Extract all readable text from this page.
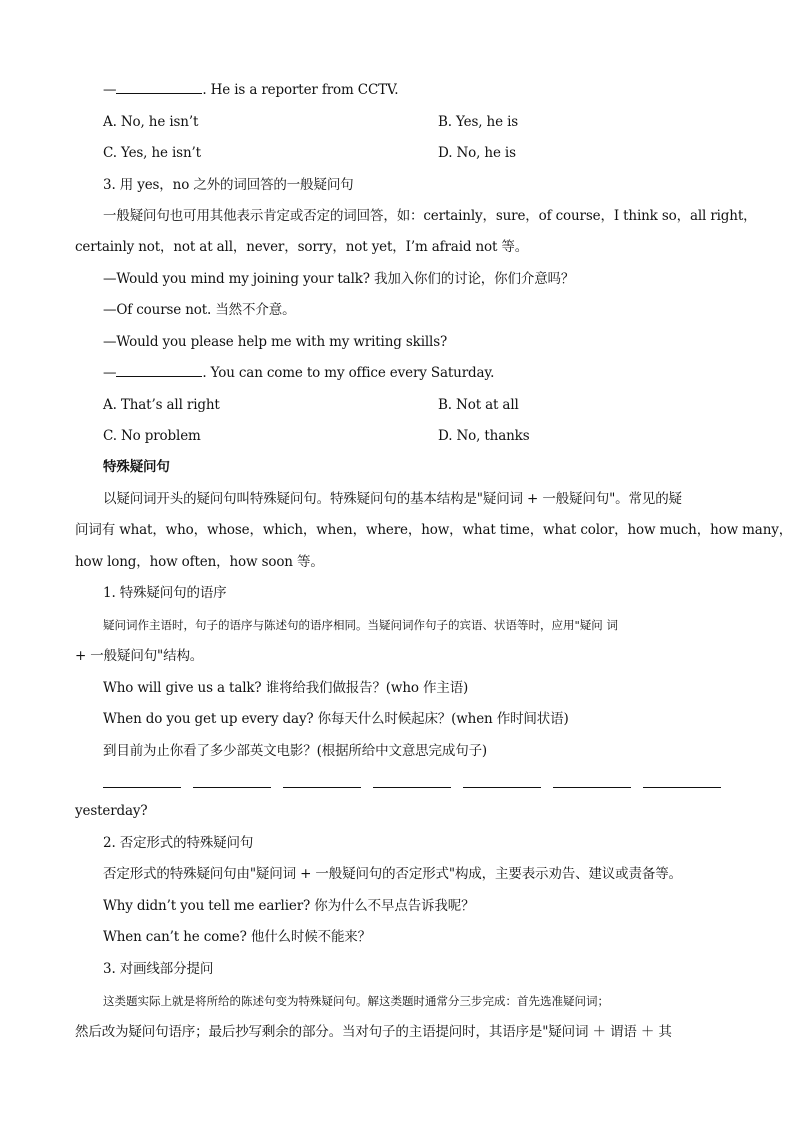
—	. He is a reporter from CCTV.
A. No, he isn’t	B. Yes, he is
C. Yes, he isn’t	D. No, he is
3. 用 yes，no 之外的词回答的一般疑问句
一般疑问句也可用其他表示肯定或否定的词回答，如：certainly，sure，of course，I think so，all right，
certainly not，not at all，never，sorry，not yet，I’m afraid not 等。
—Would you mind my joining your talk? 我加入你们的讨论，你们介意吗？
—Of course not. 当然不介意。
—Would you please help me with my writing skills?
—	. You can come to my office every Saturday.
A. That’s all right	B. Not at all
C. No problem	D. No, thanks
特殊疑问句
以疑问词开头的疑问句叫特殊疑问句。特殊疑问句的基本结构是"疑问词 + 一般疑问句"。常见的疑
问词有 what，who，whose，which，when，where，how，what time，what color，how much，how many，
how long，how often，how soon 等。
1. 特殊疑问句的语序
疑问词作主语时，句子的语序与陈述句的语序相同。当疑问词作句子的宾语、状语等时，应用"疑问 词
+ 一般疑问句"结构。
Who will give us a talk? 谁将给我们做报告？(who 作主语)
When do you get up every day? 你每天什么时候起床？(when 作时间状语)
到目前为止你看了多少部英文电影？(根据所给中文意思完成句子)
yesterday?
2. 否定形式的特殊疑问句
否定形式的特殊疑问句由"疑问词 + 一般疑问句的否定形式"构成，主要表示劝告、建议或责备等。
Why didn’t you tell me earlier? 你为什么不早点告诉我呢？
When can’t he come? 他什么时候不能来？
3. 对画线部分提问
这类题实际上就是将所给的陈述句变为特殊疑问句。解这类题时通常分三步完成：首先选准疑问词；
然后改为疑问句语序；最后抄写剩余的部分。当对句子的主语提问时，其语序是"疑问词 ＋ 谓语 ＋ 其
